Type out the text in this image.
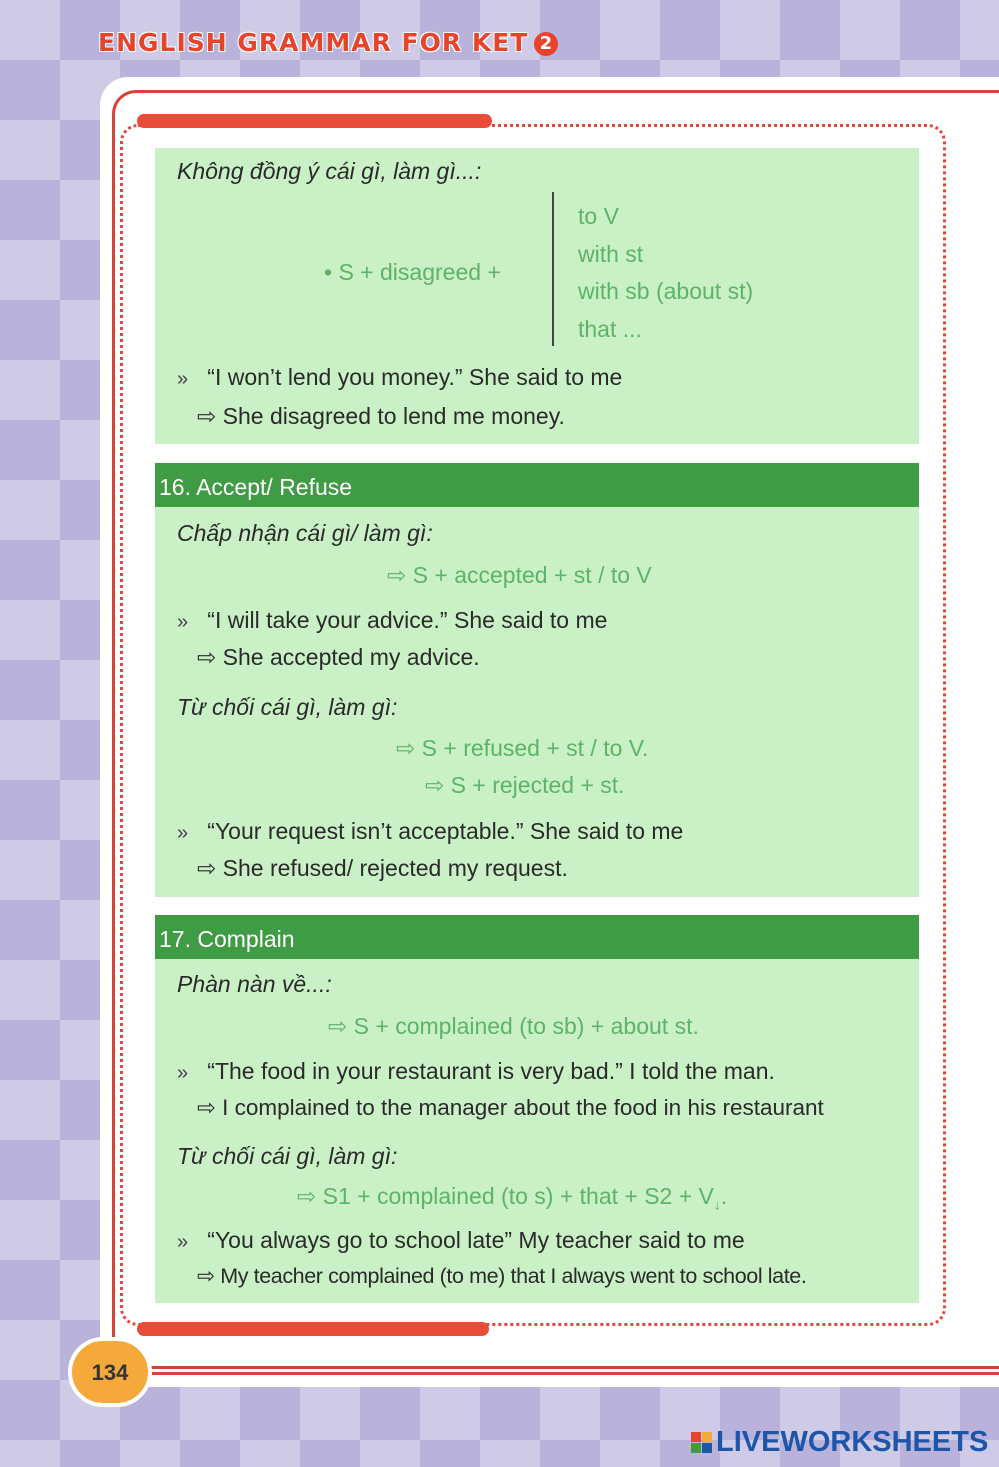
ENGLISH GRAMMAR FOR KET 2
Không đồng ý cái gì, làm gì...:
• S + disagreed +
to V
with st
with sb (about st)
that ...
» “I won’t lend you money.” She said to me
⇨ She disagreed to lend me money.
16. Accept/ Refuse
Chấp nhận cái gì/ làm gì:
⇨ S + accepted + st / to V
» “I will take your advice.” She said to me
⇨ She accepted my advice.
Từ chối cái gì, làm gì:
⇨ S + refused + st / to V.
⇨ S + rejected + st.
» “Your request isn’t acceptable.” She said to me
⇨ She refused/ rejected my request.
17. Complain
Phàn nàn về...:
⇨ S + complained (to sb) + about st.
» “The food in your restaurant is very bad.” I told the man.
⇨ I complained to the manager about the food in his restaurant
Từ chối cái gì, làm gì:
⇨ S1 + complained (to s) + that + $S2 + V_↓$.
» “You always go to school late” My teacher said to me
⇨ My teacher complained (to me) that I always went to school late.
134
LIVEWORKSHEETS
